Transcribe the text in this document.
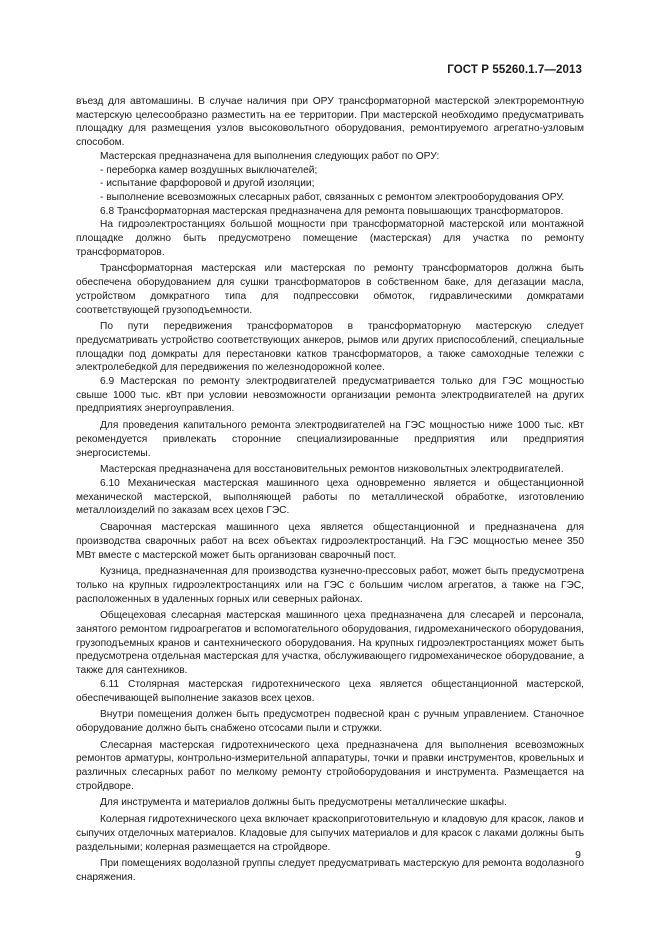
ГОСТ Р 55260.1.7—2013

въезд для автомашины. В случае наличия при ОРУ трансформаторной мастерской электроремонтную мастерскую целесообразно разместить на ее территории. При мастерской необходимо предусматривать площадку для размещения узлов высоковольтного оборудования, ремонтируемого агрегатно-узловым способом.

Мастерская предназначена для выполнения следующих работ по ОРУ:

- переборка камер воздушных выключателей;

- испытание фарфоровой и другой изоляции;

- выполнение всевозможных слесарных работ, связанных с ремонтом электрооборудования ОРУ.

6.8 Трансформаторная мастерская предназначена для ремонта повышающих трансформаторов.

На гидроэлектростанциях большой мощности при трансформаторной мастерской или монтажной площадке должно быть предусмотрено помещение (мастерская) для участка по ремонту трансформаторов.

Трансформаторная мастерская или мастерская по ремонту трансформаторов должна быть обеспечена оборудованием для сушки трансформаторов в собственном баке, для дегазации масла, устройством домкратного типа для подпрессовки обмоток, гидравлическими домкратами соответствующей грузоподъемности.

По пути передвижения трансформаторов в трансформаторную мастерскую следует предусматривать устройство соответствующих анкеров, рымов или других приспособлений, специальные площадки под домкраты для перестановки катков трансформаторов, а также самоходные тележки с электролебедкой для передвижения по железнодорожной колее.

6.9 Мастерская по ремонту электродвигателей предусматривается только для ГЭС мощностью свыше 1000 тыс. кВт при условии невозможности организации ремонта электродвигателей на других предприятиях энергоуправления.

Для проведения капитального ремонта электродвигателей на ГЭС мощностью ниже 1000 тыс. кВт рекомендуется привлекать сторонние специализированные предприятия или предприятия энергосистемы.

Мастерская предназначена для восстановительных ремонтов низковольтных электродвигателей.

6.10 Механическая мастерская машинного цеха одновременно является и общестанционной механической мастерской, выполняющей работы по металлической обработке, изготовлению металлоизделий по заказам всех цехов ГЭС.

Сварочная мастерская машинного цеха является общестанционной и предназначена для производства сварочных работ на всех объектах гидроэлектростанций. На ГЭС мощностью менее 350 МВт вместе с мастерской может быть организован сварочный пост.

Кузница, предназначенная для производства кузнечно-прессовых работ, может быть предусмотрена только на крупных гидроэлектростанциях или на ГЭС с большим числом агрегатов, а также на ГЭС, расположенных в удаленных горных или северных районах.

Общецеховая слесарная мастерская машинного цеха предназначена для слесарей и персонала, занятого ремонтом гидроагрегатов и вспомогательного оборудования, гидромеханического оборудования, грузоподъемных кранов и сантехнического оборудования. На крупных гидроэлектростанциях может быть предусмотрена отдельная мастерская для участка, обслуживающего гидромеханическое оборудование, а также для сантехников.

6.11 Столярная мастерская гидротехнического цеха является общестанционной мастерской, обеспечивающей выполнение заказов всех цехов.

Внутри помещения должен быть предусмотрен подвесной кран с ручным управлением. Станочное оборудование должно быть снабжено отсосами пыли и стружки.

Слесарная мастерская гидротехнического цеха предназначена для выполнения всевозможных ремонтов арматуры, контрольно-измерительной аппаратуры, точки и правки инструментов, кровельных и различных слесарных работ по мелкому ремонту стройоборудования и инструмента. Размещается на стройдворе.

Для инструмента и материалов должны быть предусмотрены металлические шкафы.

Колерная гидротехнического цеха включает краскоприготовительную и кладовую для красок, лаков и сыпучих отделочных материалов. Кладовые для сыпучих материалов и для красок с лаками должны быть раздельными; колерная размещается на стройдворе.

При помещениях водолазной группы следует предусматривать мастерскую для ремонта водолазного снаряжения.

9
